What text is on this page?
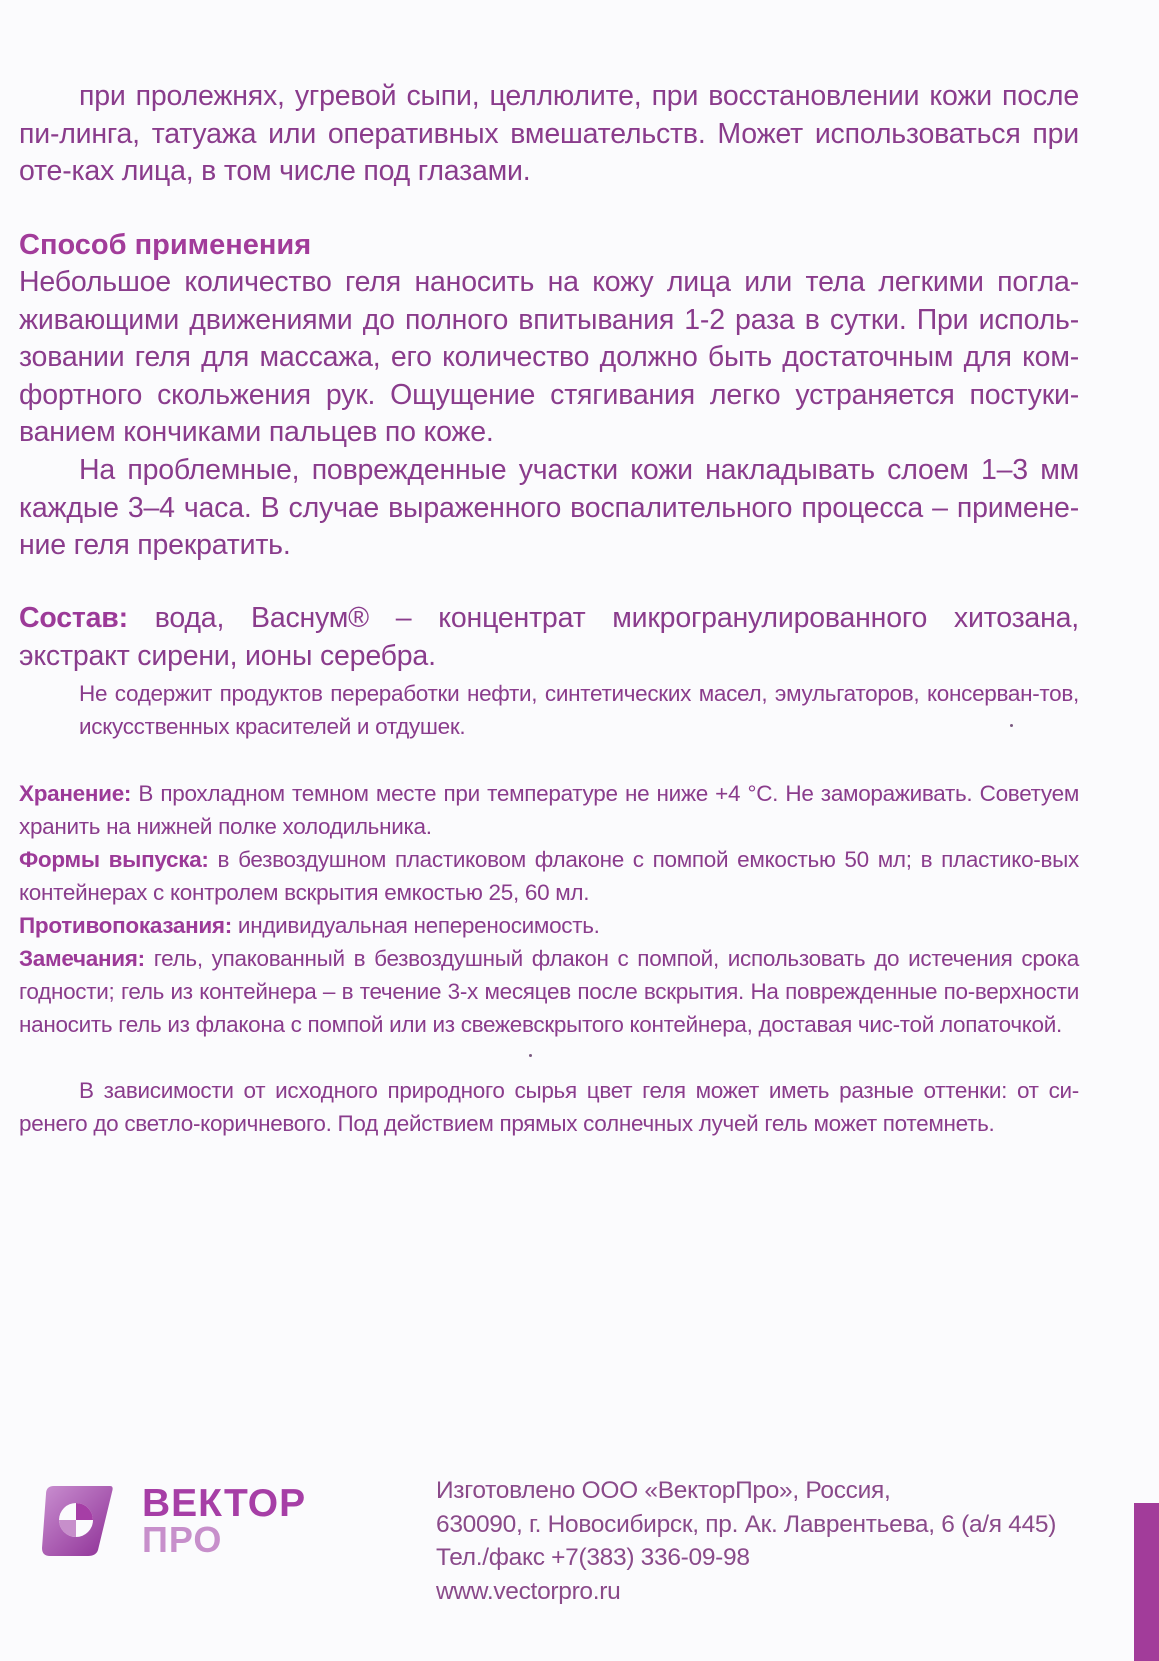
при пролежнях, угревой сыпи, целлюлите, при восстановлении кожи после пи-линга, татуажа или оперативных вмешательств. Может использоваться при оте-ках лица, в том числе под глазами.

Способ применения

Небольшое количество геля наносить на кожу лица или тела легкими погла-живающими движениями до полного впитывания 1-2 раза в сутки. При исполь-зовании геля для массажа, его количество должно быть достаточным для ком-фортного скольжения рук. Ощущение стягивания легко устраняется постуки-ванием кончиками пальцев по коже.

На проблемные, поврежденные участки кожи накладывать слоем 1–3 мм каждые 3–4 часа. В случае выраженного воспалительного процесса – примене-ние геля прекратить.

Состав: вода, Васнум® – концентрат микрогранулированного хитозана, экстракт сирени, ионы серебра.

Не содержит продуктов переработки нефти, синтетических масел, эмульгаторов, консерван-тов, искусственных красителей и отдушек.

Хранение: В прохладном темном месте при температуре не ниже +4 °С. Не замораживать. Советуем хранить на нижней полке холодильника.

Формы выпуска: в безвоздушном пластиковом флаконе с помпой емкостью 50 мл; в пластико-вых контейнерах с контролем вскрытия емкостью 25, 60 мл.

Противопоказания: индивидуальная непереносимость.

Замечания: гель, упакованный в безвоздушный флакон с помпой, использовать до истечения срока годности; гель из контейнера – в течение 3-х месяцев после вскрытия. На поврежденные по-верхности наносить гель из флакона с помпой или из свежевскрытого контейнера, доставая чис-той лопаточкой.

В зависимости от исходного природного сырья цвет геля может иметь разные оттенки: от си-ренего до светло-коричневого. Под действием прямых солнечных лучей гель может потемнеть.

ВЕКТОР
ПРО
Изготовлено ООО «ВекторПро», Россия,
630090, г. Новосибирск, пр. Ак. Лаврентьева, 6 (а/я 445)
Тел./факс +7(383) 336-09-98
www.vectorpro.ru
